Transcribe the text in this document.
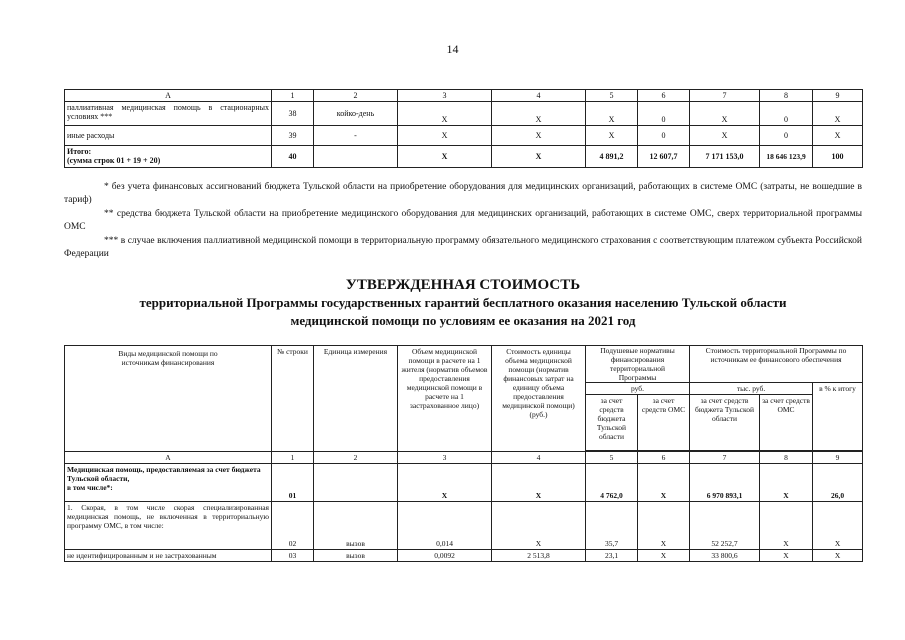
14
А	1	2	3	4	5	6	7	8	9
паллиативная медицинская помощь в стационарных условиях ***	38	койко-день	Х	Х	Х	0	Х	0	Х
иные расходы	39	-	Х	Х	Х	0	Х	0	Х

Итого:
(сумма строк 01 + 19 + 20)	40		Х	Х	4 891,2	12 607,7	7 171 153,0	18 646 123,9	100
* без учета финансовых ассигнований бюджета Тульской области на приобретение оборудования для медицинских организаций, работающих в системе ОМС (затраты, не вошедшие в тариф)
** средства бюджета Тульской области на приобретение медицинского оборудования для медицинских организаций, работающих в системе ОМС, сверх территориальной программы ОМС
*** в случае включения паллиативной медицинской помощи в территориальную программу обязательного медицинского страхования с соответствующим платежом субъекта Российской Федерации
УТВЕРЖДЕННАЯ СТОИМОСТЬ
территориальной Программы государственных гарантий бесплатного оказания населению Тульской области
медицинской помощи по условиям ее оказания на 2021 год
Виды медицинской помощи по источникам финансирования	№ строки	Единица измерения	Объем медицинской помощи в расчете на 1 жителя (норматив объемов предоставления медицинской помощи в расчете на 1 застрахованное лицо)	Стоимость единицы объема медицинской помощи (норматив финансовых затрат на единицу объема предоставления медицинской помощи) (руб.)	Подушевые нормативы финансирования территориальной Программы		Стоимость территориальной Программы по источникам ее финансового обеспечения		
					руб.		тыс. руб.		в % к итогу
					за счет средств бюджета Тульской области	за счет средств ОМС	за счет средств бюджета Тульской области	за счет средств ОМС	

А	1	2	3	4	5	6	7	8	9

Медицинская помощь, предоставляемая за счет бюджета Тульской области,
в том числе*:	01		Х	Х	4 762,0	Х	6 970 893,1	Х	26,0
1. Скорая, в том числе скорая специализированная медицинская помощь, не включенная в территориальную программу ОМС, в том числе:	02	вызов	0,014	Х	35,7	Х	52 252,7	Х	Х
не идентифицированным и не застрахованным	03	вызов	0,0092	2 513,8	23,1	Х	33 800,6	Х	Х
